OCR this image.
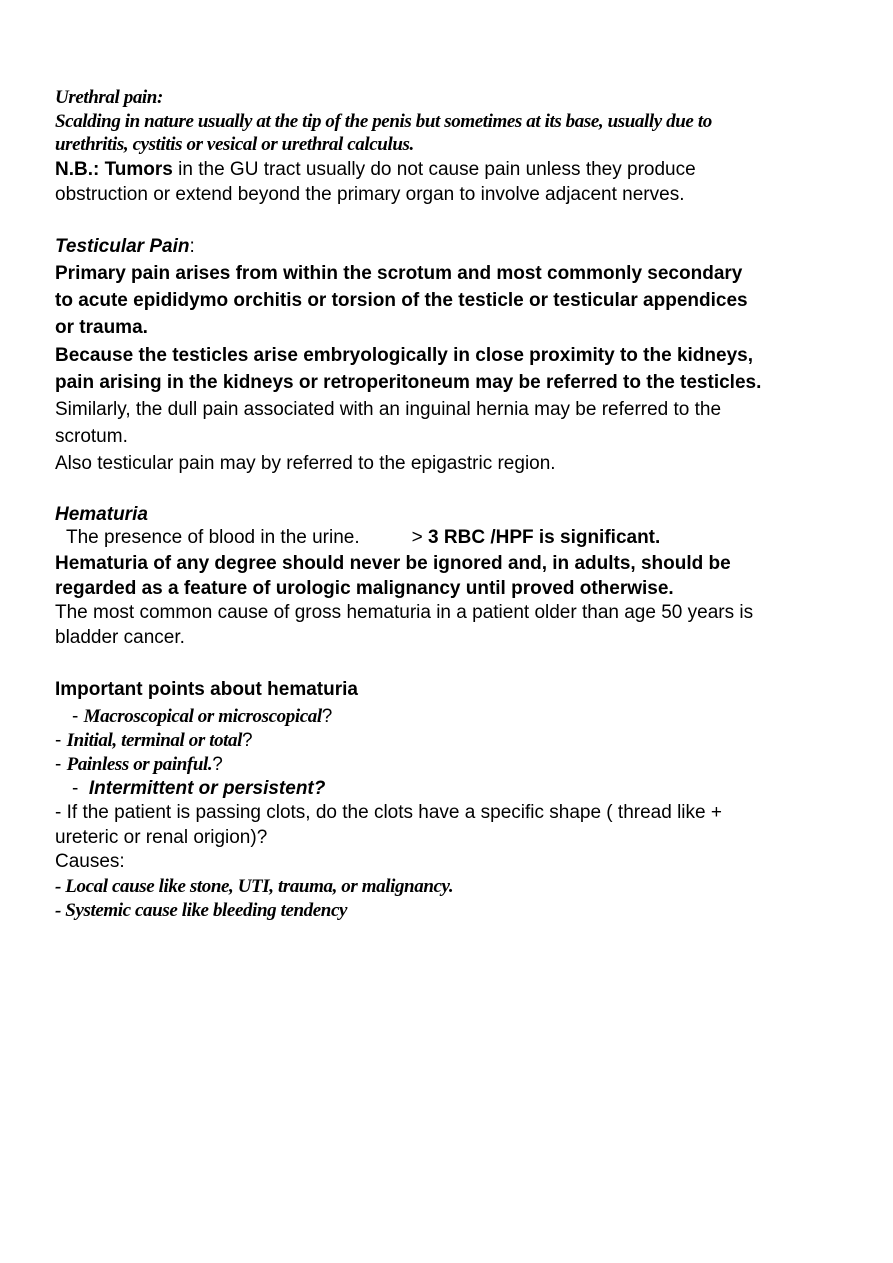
Urethral pain:
Scalding in nature usually at the tip of the penis but sometimes at its base, usually due to
urethritis, cystitis or vesical or urethral calculus.
N.B.: Tumors in the GU tract usually do not cause pain unless they produce
obstruction or extend beyond the primary organ to involve adjacent nerves.
Testicular Pain:
Primary pain arises from within the scrotum and most commonly secondary
to acute epididymo orchitis or torsion of the testicle or testicular appendices
or trauma.
Because the testicles arise embryologically in close proximity to the kidneys,
pain arising in the kidneys or retroperitoneum may be referred to the testicles.
Similarly, the dull pain associated with an inguinal hernia may be referred to the
scrotum.
Also testicular pain may by referred to the epigastric region.
Hematuria
The presence of blood in the urine.	> 3 RBC /HPF is significant.
Hematuria of any degree should never be ignored and, in adults, should be
regarded as a feature of urologic malignancy until proved otherwise.
The most common cause of gross hematuria in a patient older than age 50 years is
bladder cancer.
Important points about hematuria
- Macroscopical or microscopical?
- Initial, terminal or total?
- Painless or painful.?
- Intermittent or persistent?
- If the patient is passing clots, do the clots have a specific shape ( thread like +
ureteric or renal origion)?
Causes:
- Local cause like stone, UTI, trauma, or malignancy.
- Systemic cause like bleeding tendency
